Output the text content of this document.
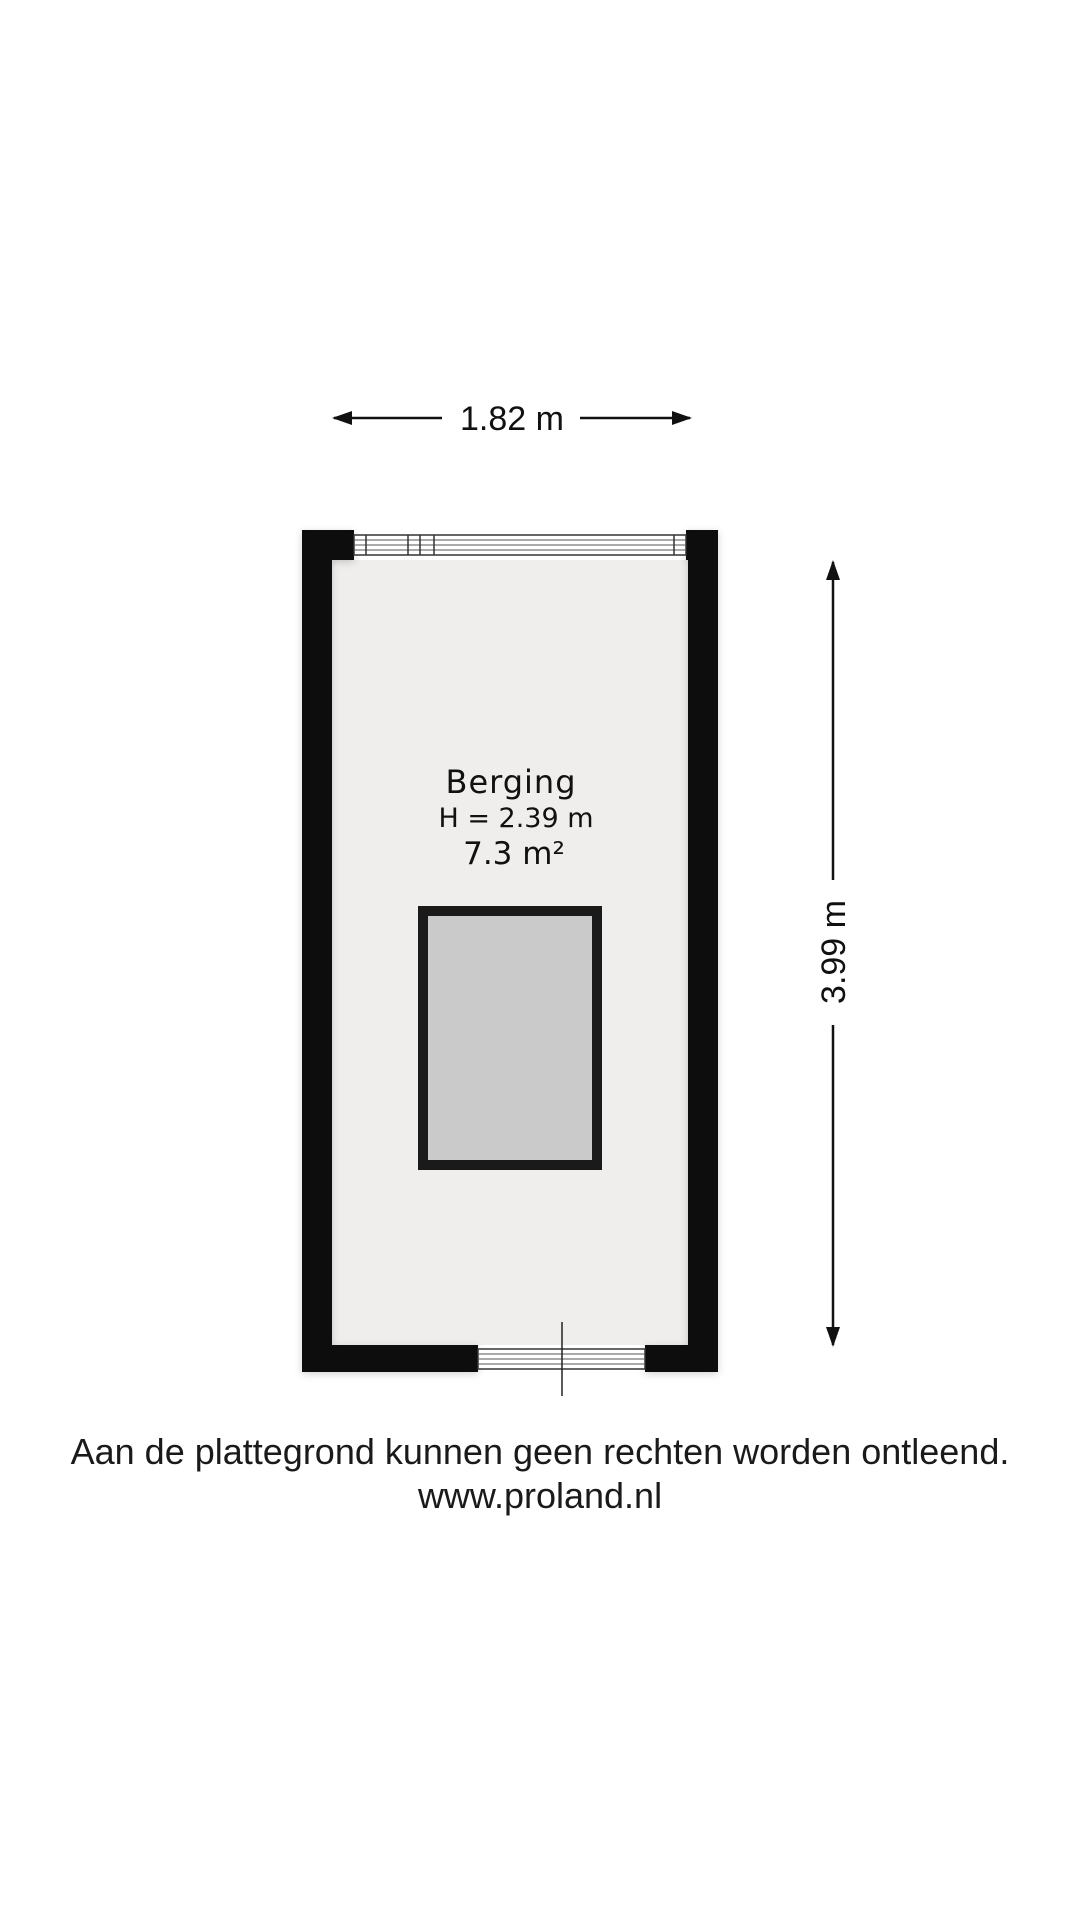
1.82 m
3.99 m
Berging
H = 2.39 m
7.3 m²
Aan de plattegrond kunnen geen rechten worden ontleend.
www.proland.nl
